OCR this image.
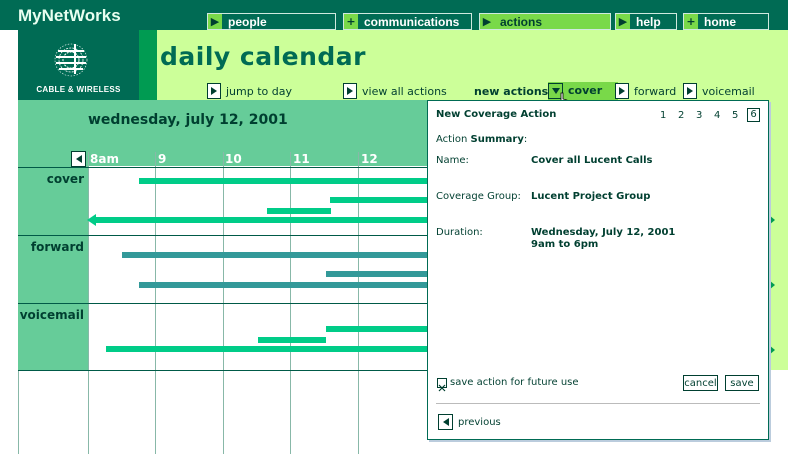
MyNetWorks	▶ people	+ communications ▶ actions	▶ help + home
CABLE & WIRELESS
daily calendar
jump to day	view all actions new actions cover	forward	voicemail
wednesday, july 12, 2001
8am	9	10	11	12
cover
forward
voicemail
New Coverage Action	1 2 3 4 5	6
Action Summary:
Name:	Cover all Lucent Calls
Coverage Group: Lucent Project Group
Duration:	Wednesday, July 12, 2001
9am to 6pm
save action for future use	cancel	save
previous
